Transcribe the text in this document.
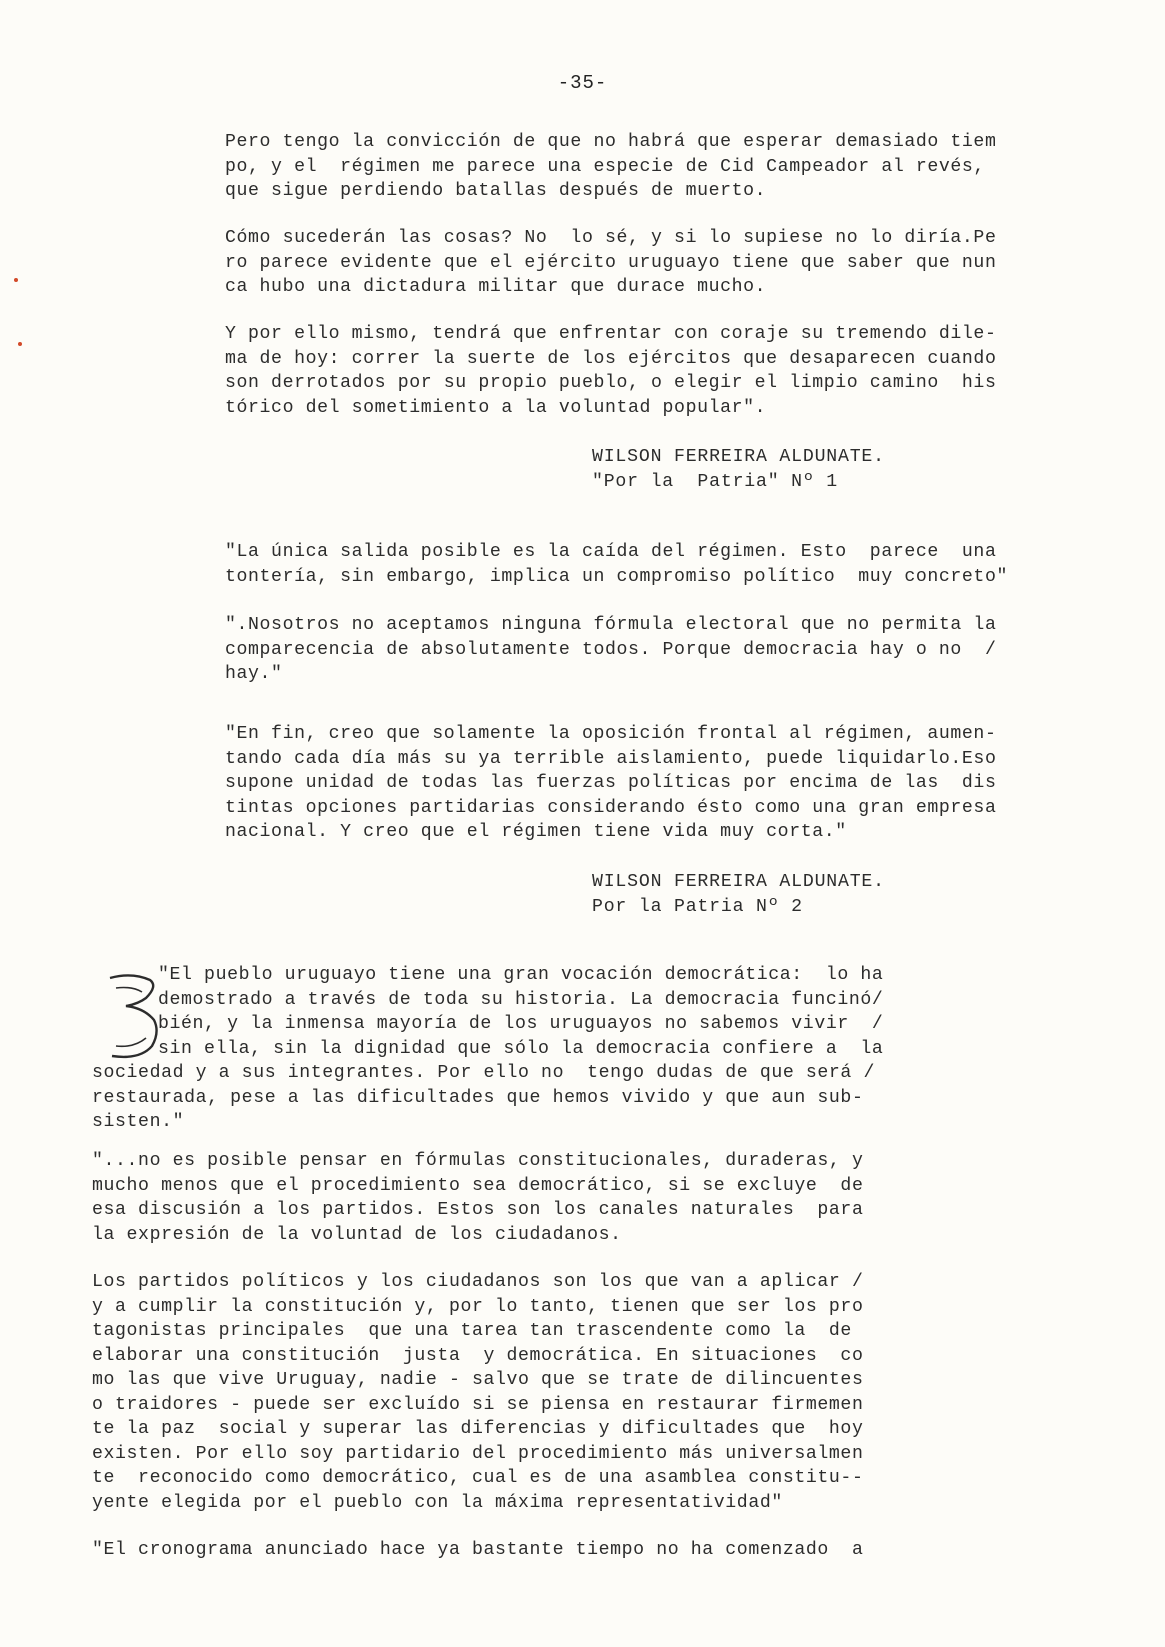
-35-
Pero tengo la convicción de que no habrá que esperar demasiado tiem
po, y el  régimen me parece una especie de Cid Campeador al revés,
que sigue perdiendo batallas después de muerto.
Cómo sucederán las cosas? No  lo sé, y si lo supiese no lo diría.Pe
ro parece evidente que el ejército uruguayo tiene que saber que nun
ca hubo una dictadura militar que durace mucho.
Y por ello mismo, tendrá que enfrentar con coraje su tremendo dile-
ma de hoy: correr la suerte de los ejércitos que desaparecen cuando
son derrotados por su propio pueblo, o elegir el limpio camino  his
tórico del sometimiento a la voluntad popular".
WILSON FERREIRA ALDUNATE.
"Por la  Patria" Nº 1
"La única salida posible es la caída del régimen. Esto  parece  una
tontería, sin embargo, implica un compromiso político  muy concreto"
".Nosotros no aceptamos ninguna fórmula electoral que no permita la
comparecencia de absolutamente todos. Porque democracia hay o no  /
hay."
"En fin, creo que solamente la oposición frontal al régimen, aumen-
tando cada día más su ya terrible aislamiento, puede liquidarlo.Eso
supone unidad de todas las fuerzas políticas por encima de las  dis
tintas opciones partidarias considerando ésto como una gran empresa
nacional. Y creo que el régimen tiene vida muy corta."
WILSON FERREIRA ALDUNATE.
Por la Patria Nº 2
"El pueblo uruguayo tiene una gran vocación democrática:  lo ha
demostrado a través de toda su historia. La democracia funcinó/
bién, y la inmensa mayoría de los uruguayos no sabemos vivir  /
sin ella, sin la dignidad que sólo la democracia confiere a  la
sociedad y a sus integrantes. Por ello no  tengo dudas de que será /
restaurada, pese a las dificultades que hemos vivido y que aun sub-
sisten."
"...no es posible pensar en fórmulas constitucionales, duraderas, y
mucho menos que el procedimiento sea democrático, si se excluye  de
esa discusión a los partidos. Estos son los canales naturales  para
la expresión de la voluntad de los ciudadanos.
Los partidos políticos y los ciudadanos son los que van a aplicar /
y a cumplir la constitución y, por lo tanto, tienen que ser los pro
tagonistas principales  que una tarea tan trascendente como la  de
elaborar una constitución  justa  y democrática. En situaciones  co
mo las que vive Uruguay, nadie - salvo que se trate de dilincuentes
o traidores - puede ser excluído si se piensa en restaurar firmemen
te la paz  social y superar las diferencias y dificultades que  hoy
existen. Por ello soy partidario del procedimiento más universalmen
te  reconocido como democrático, cual es de una asamblea constitu--
yente elegida por el pueblo con la máxima representatividad"
"El cronograma anunciado hace ya bastante tiempo no ha comenzado  a
